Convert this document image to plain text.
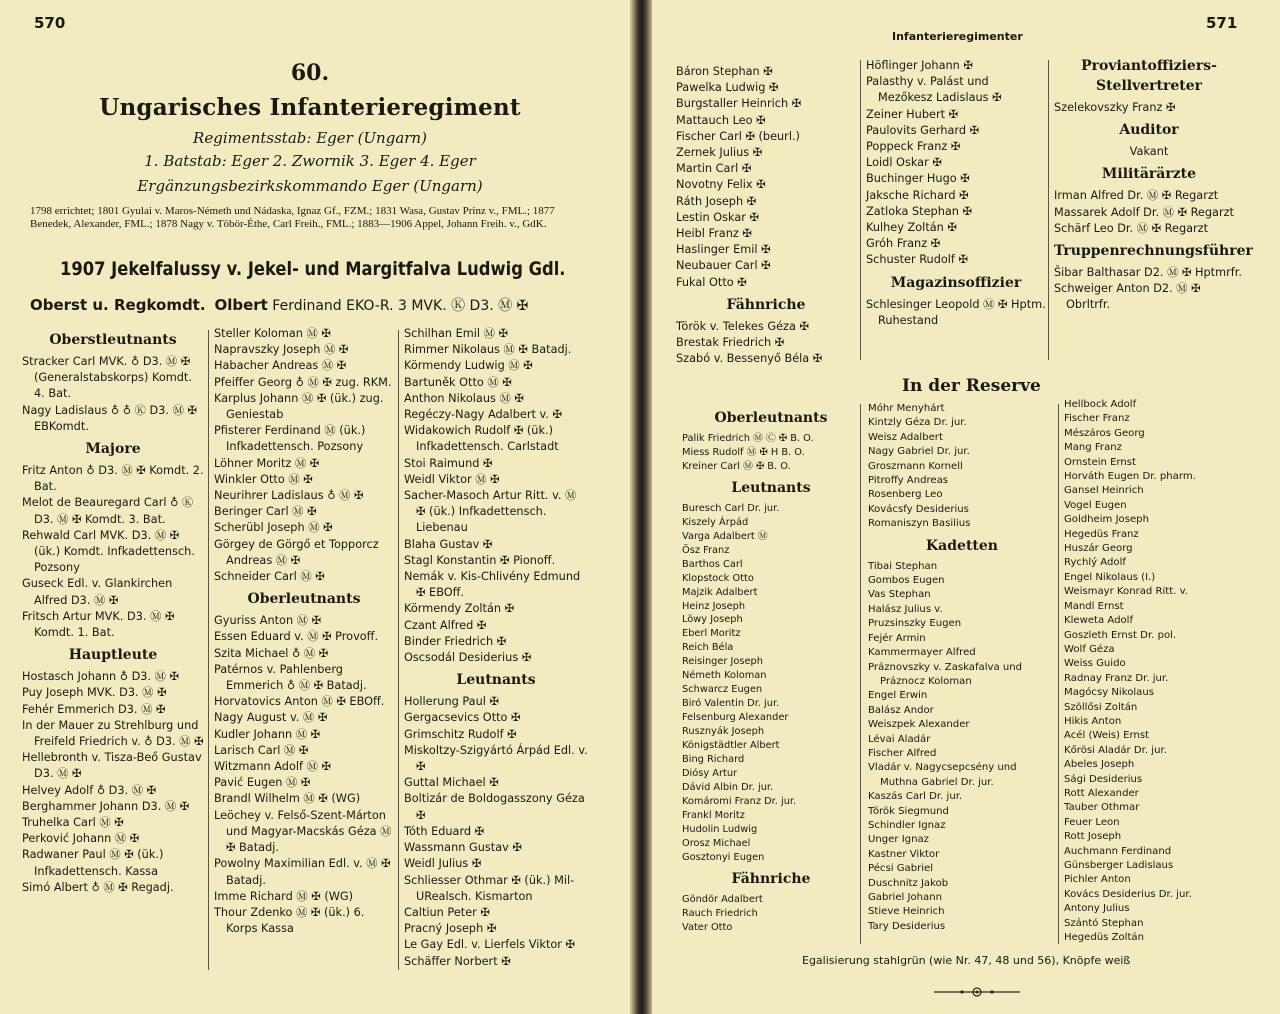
570
60.
Ungarisches Infanterieregiment
Regimentsstab: Eger (Ungarn)
1. Batstab: Eger 2. Zwornik 3. Eger 4. Eger
Ergänzungsbezirkskommando Eger (Ungarn)
1798 errichtet; 1801 Gyulai v. Maros-Németh und Nádaska, Ignaz Gf., FZM.; 1831 Wasa, Gustav Prinz v., FML.; 1877 Benedek, Alexander, FML.; 1878 Nagy v. Töbör-Éthe, Carl Freih., FML.; 1883—1906 Appel, Johann Freih. v., GdK.
1907 Jekelfalussy v. Jekel- und Margitfalva Ludwig Gdl.
Oberst u. Regkomdt. Olbert Ferdinand EKO-R. 3 MVK. Ⓚ D3. Ⓜ ✠
Oberstleutnants
Stracker Carl MVK. ♁ D3. Ⓜ ✠ (Generalstabskorps) Komdt. 4. Bat.
Nagy Ladislaus ♁ ♁ Ⓚ D3. Ⓜ ✠ EBKomdt.
Majore
Fritz Anton ♁ D3. Ⓜ ✠ Komdt. 2. Bat.
Melot de Beauregard Carl ♁ Ⓚ D3. Ⓜ ✠ Komdt. 3. Bat.
Rehwald Carl MVK. D3. Ⓜ ✠ (ük.) Komdt. Infkadettensch. Pozsony
Guseck Edl. v. Glankirchen Alfred D3. Ⓜ ✠
Fritsch Artur MVK. D3. Ⓜ ✠ Komdt. 1. Bat.
Hauptleute
Hostasch Johann ♁ D3. Ⓜ ✠
Puy Joseph MVK. D3. Ⓜ ✠
Fehér Emmerich D3. Ⓜ ✠
In der Mauer zu Strehlburg und Freifeld Friedrich v. ♁ D3. Ⓜ ✠
Hellebronth v. Tisza-Beő Gustav D3. Ⓜ ✠
Helvey Adolf ♁ D3. Ⓜ ✠
Berghammer Johann D3. Ⓜ ✠
Truhelka Carl Ⓜ ✠
Perković Johann Ⓜ ✠
Radwaner Paul Ⓜ ✠ (ük.) Infkadettensch. Kassa
Simó Albert ♁ Ⓜ ✠ Regadj.
Steller Koloman Ⓜ ✠
Napravszky Joseph Ⓜ ✠
Habacher Andreas Ⓜ ✠
Pfeiffer Georg ♁ Ⓜ ✠ zug. RKM.
Karplus Johann Ⓜ ✠ (ük.) zug. Geniestab
Pfisterer Ferdinand Ⓜ (ük.) Infkadettensch. Pozsony
Löhner Moritz Ⓜ ✠
Winkler Otto Ⓜ ✠
Neurihrer Ladislaus ♁ Ⓜ ✠
Beringer Carl Ⓜ ✠
Scherübl Joseph Ⓜ ✠
Görgey de Görgő et Topporcz Andreas Ⓜ ✠
Schneider Carl Ⓜ ✠
Oberleutnants
Gyuriss Anton Ⓜ ✠
Essen Eduard v. Ⓜ ✠ Provoff.
Szita Michael ♁ Ⓜ ✠
Patérnos v. Pahlenberg Emmerich ♁ Ⓜ ✠ Batadj.
Horvatovics Anton Ⓜ ✠ EBOff.
Nagy August v. Ⓜ ✠
Kudler Johann Ⓜ ✠
Larisch Carl Ⓜ ✠
Witzmann Adolf Ⓜ ✠
Pavić Eugen Ⓜ ✠
Brandl Wilhelm Ⓜ ✠ (WG)
Leöchey v. Felső-Szent-Márton und Magyar-Macskás Géza Ⓜ ✠ Batadj.
Powolny Maximilian Edl. v. Ⓜ ✠ Batadj.
Imme Richard Ⓜ ✠ (WG)
Thour Zdenko Ⓜ ✠ (ük.) 6. Korps Kassa
Schilhan Emil Ⓜ ✠
Rimmer Nikolaus Ⓜ ✠ Batadj.
Körmendy Ludwig Ⓜ ✠
Bartuněk Otto Ⓜ ✠
Anthon Nikolaus Ⓜ ✠
Regéczy-Nagy Adalbert v. ✠
Widakowich Rudolf ✠ (ük.) Infkadettensch. Carlstadt
Stoi Raimund ✠
Weidl Viktor Ⓜ ✠
Sacher-Masoch Artur Ritt. v. Ⓜ ✠ (ük.) Infkadettensch. Liebenau
Blaha Gustav ✠
Stagl Konstantin ✠ Pionoff.
Nemák v. Kis-Chlivény Edmund ✠ EBOff.
Körmendy Zoltán ✠
Czant Alfred ✠
Binder Friedrich ✠
Oscsodál Desiderius ✠
Leutnants
Hollerung Paul ✠
Gergacsevics Otto ✠
Grimschitz Rudolf ✠
Miskoltzy-Szigyártó Árpád Edl. v. ✠
Guttal Michael ✠
Boltizár de Boldogasszony Géza ✠
Tóth Eduard ✠
Wassmann Gustav ✠
Weidl Julius ✠
Schliesser Othmar ✠ (ük.) Mil-URealsch. Kismarton
Caltiun Peter ✠
Pracný Joseph ✠
Le Gay Edl. v. Lierfels Viktor ✠
Schäffer Norbert ✠
571
Infanterieregimenter
Báron Stephan ✠
Pawelka Ludwig ✠
Burgstaller Heinrich ✠
Mattauch Leo ✠
Fischer Carl ✠ (beurl.)
Zernek Julius ✠
Martin Carl ✠
Novotny Felix ✠
Ráth Joseph ✠
Lestin Oskar ✠
Heibl Franz ✠
Haslinger Emil ✠
Neubauer Carl ✠
Fukal Otto ✠
Fähnriche
Török v. Telekes Géza ✠
Brestak Friedrich ✠
Szabó v. Bessenyő Béla ✠
Höflinger Johann ✠
Palasthy v. Palást und Mezőkesz Ladislaus ✠
Zeiner Hubert ✠
Paulovits Gerhard ✠
Poppeck Franz ✠
Loidl Oskar ✠
Buchinger Hugo ✠
Jaksche Richard ✠
Zatloka Stephan ✠
Kulhey Zoltán ✠
Gróh Franz ✠
Schuster Rudolf ✠
Magazinsoffizier
Schlesinger Leopold Ⓜ ✠ Hptm. Ruhestand
Proviantoffiziers-Stellvertreter
Szelekovszky Franz ✠
Auditor
Vakant
Militärärzte
Irman Alfred Dr. Ⓜ ✠ Regarzt
Massarek Adolf Dr. Ⓜ ✠ Regarzt
Schärf Leo Dr. Ⓜ ✠ Regarzt
Truppenrechnungsführer
Šibar Balthasar D2. Ⓜ ✠ Hptmrfr.
Schweiger Anton D2. Ⓜ ✠ Obrltrfr.
In der Reserve
Oberleutnants
Palik Friedrich Ⓜ Ⓒ ✠ B. O.
Miess Rudolf Ⓜ ✠ H B. O.
Kreiner Carl Ⓜ ✠ B. O.
Leutnants
Buresch Carl Dr. jur.
Kiszely Árpád
Varga Adalbert Ⓜ
Ösz Franz
Barthos Carl
Klopstock Otto
Majzik Adalbert
Heinz Joseph
Löwy Joseph
Eberl Moritz
Reich Béla
Reisinger Joseph
Németh Koloman
Schwarcz Eugen
Biró Valentin Dr. jur.
Felsenburg Alexander
Rusznyák Joseph
Königstädtler Albert
Bing Richard
Diósy Artur
Dávid Albin Dr. jur.
Komáromi Franz Dr. jur.
Frankl Moritz
Hudolin Ludwig
Orosz Michael
Gosztonyi Eugen
Fähnriche
Göndör Adalbert
Rauch Friedrich
Vater Otto
Móhr Menyhárt
Kintzly Géza Dr. jur.
Weisz Adalbert
Nagy Gabriel Dr. jur.
Groszmann Kornell
Pitroffy Andreas
Rosenberg Leo
Kovácsfy Desiderius
Romaniszyn Basilius
Kadetten
Tibai Stephan
Gombos Eugen
Vas Stephan
Halász Julius v.
Pruzsinszky Eugen
Fejér Armin
Kammermayer Alfred
Práznovszky v. Zaskafalva und Práznocz Koloman
Engel Erwin
Balász Andor
Weiszpek Alexander
Lévai Aladár
Fischer Alfred
Vladár v. Nagycsepcsény und Muthna Gabriel Dr. jur.
Kaszás Carl Dr. jur.
Török Siegmund
Schindler Ignaz
Unger Ignaz
Kastner Viktor
Pécsi Gabriel
Duschnitz Jakob
Gabriel Johann
Stieve Heinrich
Tary Desiderius
Hellbock Adolf
Fischer Franz
Mészáros Georg
Mang Franz
Ornstein Ernst
Horváth Eugen Dr. pharm.
Gansel Heinrich
Vogel Eugen
Goldheim Joseph
Hegedüs Franz
Huszár Georg
Rychlý Adolf
Engel Nikolaus (I.)
Weismayr Konrad Ritt. v.
Mandl Ernst
Kleweta Adolf
Goszleth Ernst Dr. pol.
Wolf Géza
Weiss Guido
Radnay Franz Dr. jur.
Magócsy Nikolaus
Szöllősi Zoltán
Hikis Anton
Acél (Weis) Ernst
Kőrösi Aladár Dr. jur.
Abeles Joseph
Sági Desiderius
Rott Alexander
Tauber Othmar
Feuer Leon
Rott Joseph
Auchmann Ferdinand
Günsberger Ladislaus
Pichler Anton
Kovács Desiderius Dr. jur.
Antony Julius
Szántó Stephan
Hegedüs Zoltán
Egalisierung stahlgrün (wie Nr. 47, 48 und 56), Knöpfe weiß
